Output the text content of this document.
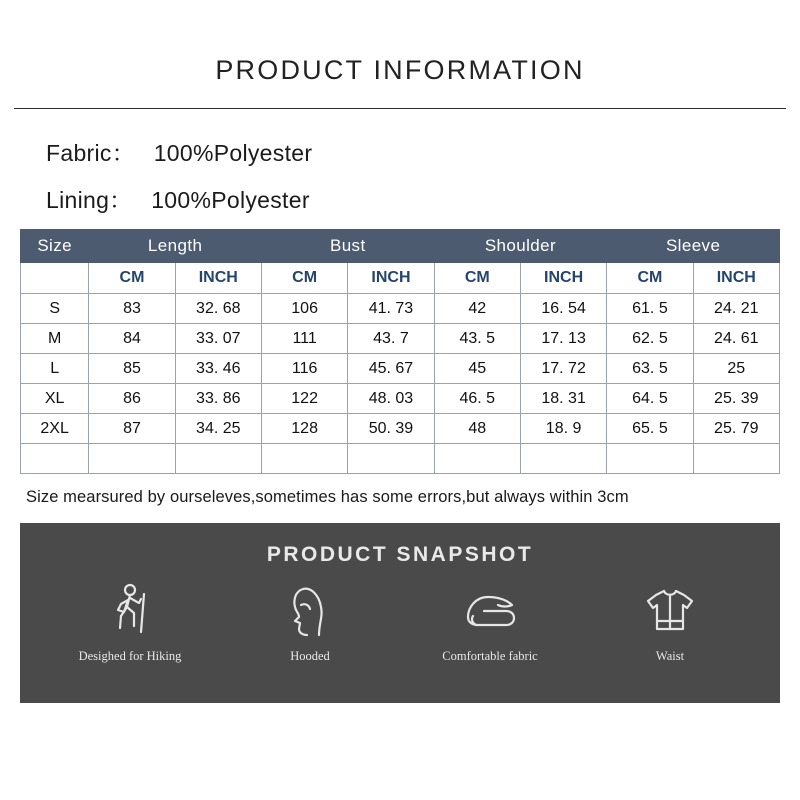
PRODUCT INFORMATION
Fabric： 100%Polyester
Lining： 100%Polyester
Size	Length		Bust		Shoulder		Sleeve	
	CM	INCH	CM	INCH	CM	INCH	CM	INCH
S	83	32. 68	106	41. 73	42	16. 54	61. 5	24. 21
M	84	33. 07	111	43. 7	43. 5	17. 13	62. 5	24. 61
L	85	33. 46	116	45. 67	45	17. 72	63. 5	25
XL	86	33. 86	122	48. 03	46. 5	18. 31	64. 5	25. 39
2XL	87	34. 25	128	50. 39	48	18. 9	65. 5	25. 79

Size mearsured by ourseleves,sometimes has some errors,but always within 3cm
PRODUCT SNAPSHOT
Desighed for Hiking	Hooded	Comfortable fabric	Waist
